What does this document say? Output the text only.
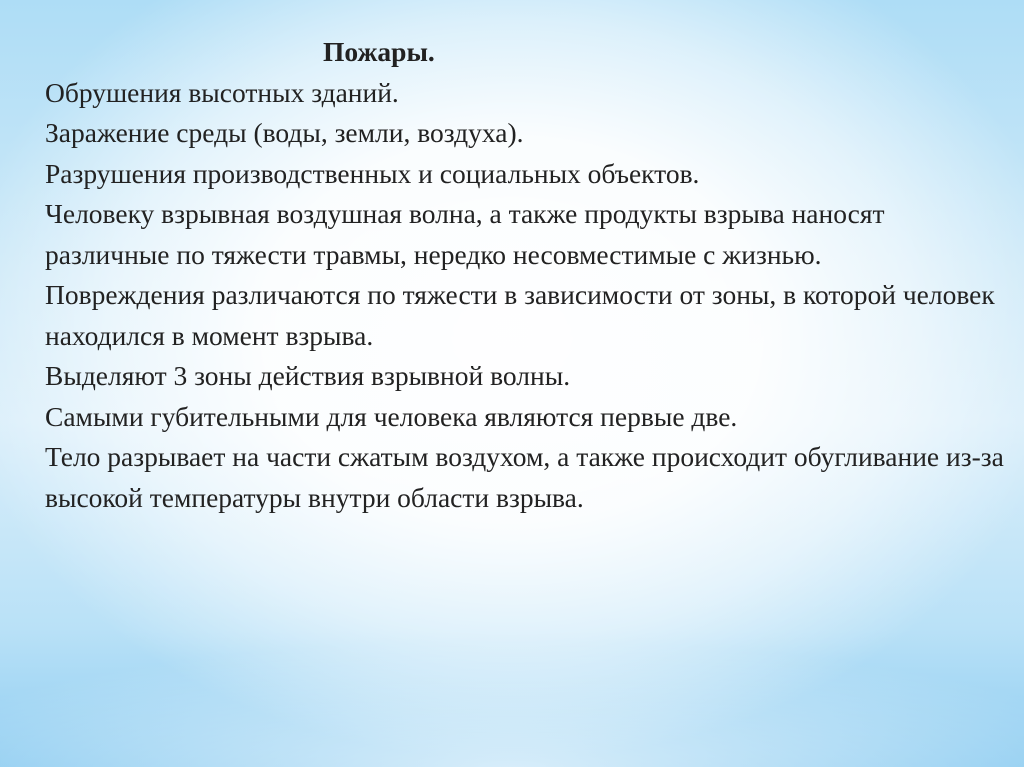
Пожары.

Обрушения высотных зданий.

Заражение среды (воды, земли, воздуха).

Разрушения производственных и социальных объектов.

Человеку взрывная воздушная волна, а также продукты взрыва наносят различные по тяжести травмы, нередко несовместимые с жизнью.

Повреждения различаются по тяжести в зависимости от зоны, в которой человек находился в момент взрыва.

Выделяют 3 зоны действия взрывной волны.

Самыми губительными для человека являются первые две.

Тело разрывает на части сжатым воздухом, а также происходит обугливание из-за высокой температуры внутри области взрыва.
